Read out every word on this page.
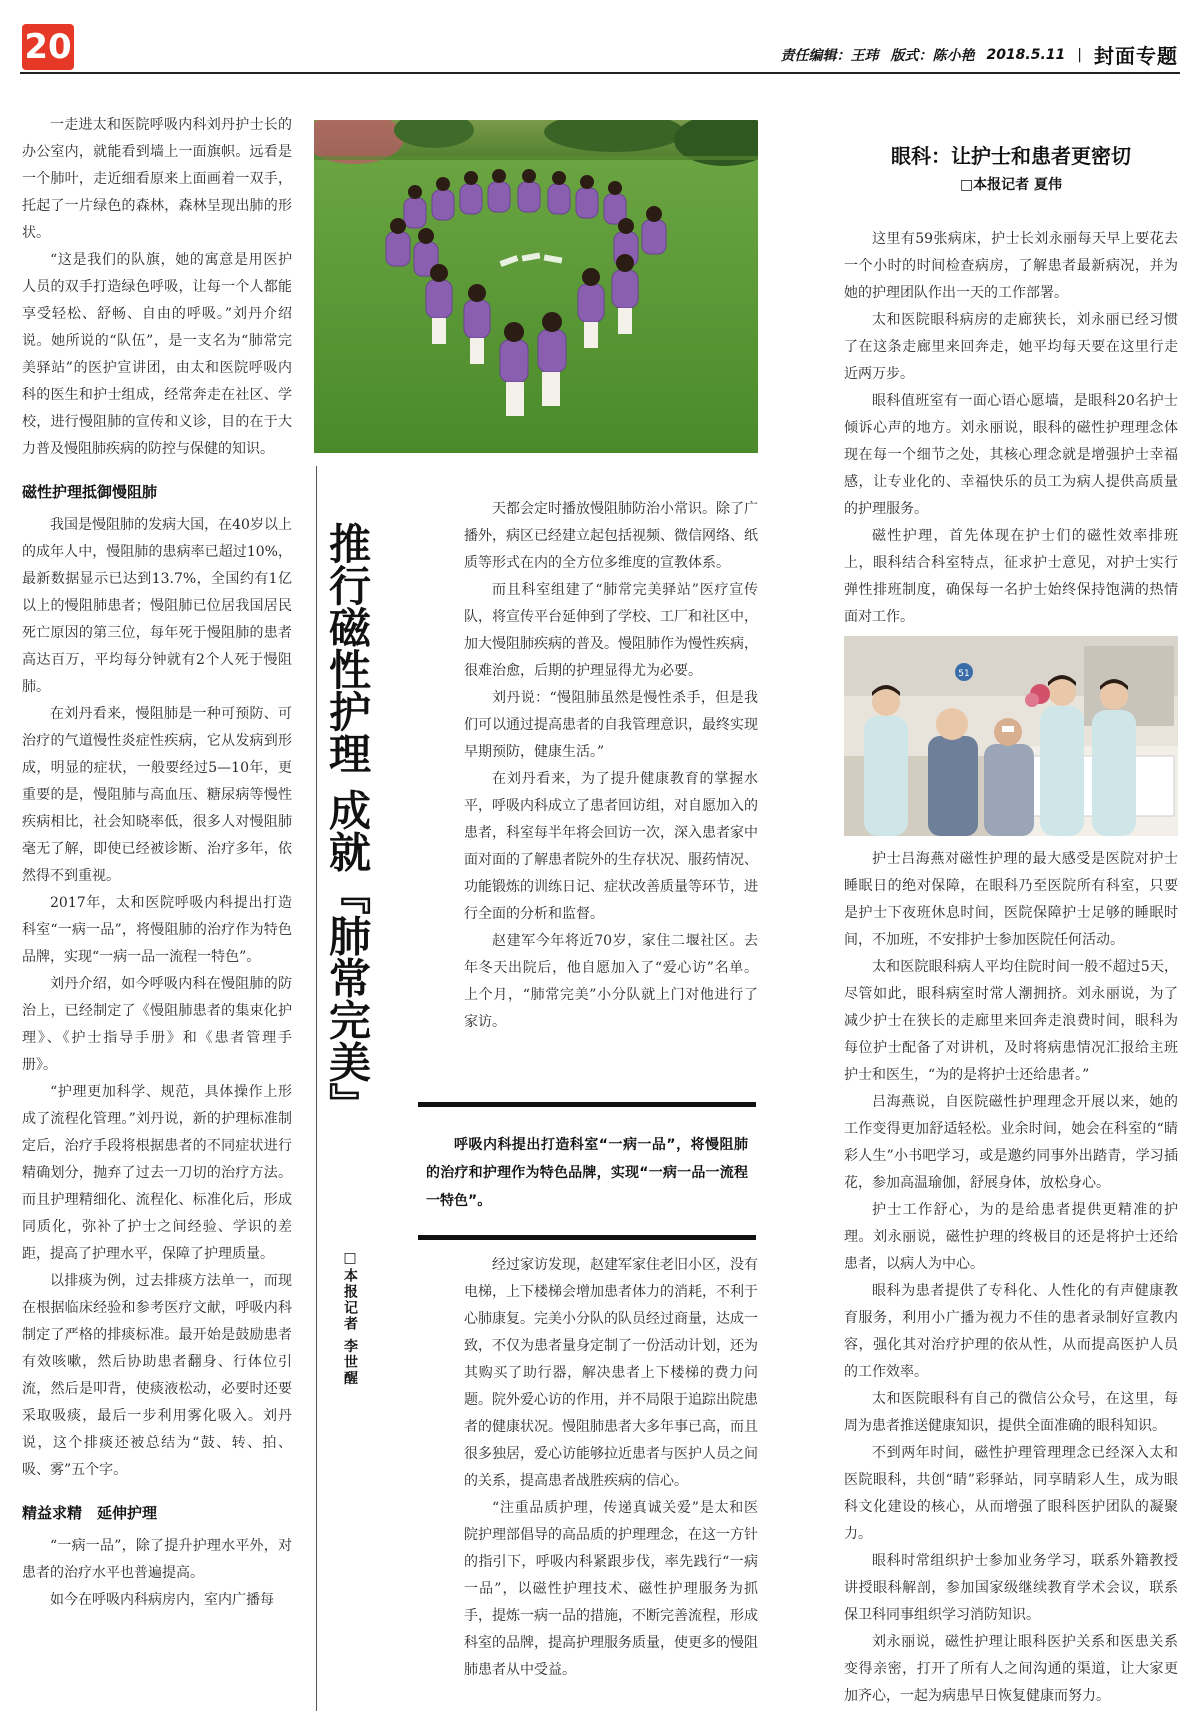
20	责任编辑：王玮 版式：陈小艳 2018.5.11 | 封面专题

一走进太和医院呼吸内科刘丹护士长的办公室内，就能看到墙上一面旗帜。远看是一个肺叶，走近细看原来上面画着一双手，托起了一片绿色的森林，森林呈现出肺的形状。

“这是我们的队旗，她的寓意是用医护人员的双手打造绿色呼吸，让每一个人都能享受轻松、舒畅、自由的呼吸。”刘丹介绍说。她所说的“队伍”，是一支名为“肺常完美驿站”的医护宣讲团，由太和医院呼吸内科的医生和护士组成，经常奔走在社区、学校，进行慢阻肺的宣传和义诊，目的在于大力普及慢阻肺疾病的防控与保健的知识。

磁性护理抵御慢阻肺

我国是慢阻肺的发病大国，在40岁以上的成年人中，慢阻肺的患病率已超过10%，最新数据显示已达到13.7%，全国约有1亿以上的慢阻肺患者；慢阻肺已位居我国居民死亡原因的第三位，每年死于慢阻肺的患者高达百万，平均每分钟就有2个人死于慢阻肺。

在刘丹看来，慢阻肺是一种可预防、可治疗的气道慢性炎症性疾病，它从发病到形成，明显的症状，一般要经过5—10年，更重要的是，慢阻肺与高血压、糖尿病等慢性疾病相比，社会知晓率低，很多人对慢阻肺毫无了解，即使已经被诊断、治疗多年，依然得不到重视。

2017年，太和医院呼吸内科提出打造科室“一病一品”，将慢阻肺的治疗作为特色品牌，实现“一病一品一流程一特色”。

刘丹介绍，如今呼吸内科在慢阻肺的防治上，已经制定了《慢阻肺患者的集束化护理》、《护士指导手册》和《患者管理手册》。

“护理更加科学、规范，具体操作上形成了流程化管理。”刘丹说，新的护理标准制定后，治疗手段将根据患者的不同症状进行精确划分，抛弃了过去一刀切的治疗方法。而且护理精细化、流程化、标准化后，形成同质化，弥补了护士之间经验、学识的差距，提高了护理水平，保障了护理质量。

以排痰为例，过去排痰方法单一，而现在根据临床经验和参考医疗文献，呼吸内科制定了严格的排痰标准。最开始是鼓励患者有效咳嗽，然后协助患者翻身、行体位引流，然后是叩背，使痰液松动，必要时还要采取吸痰，最后一步利用雾化吸入。刘丹说，这个排痰还被总结为“鼓、转、拍、吸、雾”五个字。

精益求精　延伸护理

“一病一品”，除了提升护理水平外，对患者的治疗水平也普遍提高。

如今在呼吸内科病房内，室内广播每

推行磁性护理 成就『肺常完美』
□本报记者 李世醒

天都会定时播放慢阻肺防治小常识。除了广播外，病区已经建立起包括视频、微信网络、纸质等形式在内的全方位多维度的宣教体系。

而且科室组建了“肺常完美驿站”医疗宣传队，将宣传平台延伸到了学校、工厂和社区中，加大慢阻肺疾病的普及。慢阻肺作为慢性疾病，很难治愈，后期的护理显得尤为必要。

刘丹说：“慢阻肺虽然是慢性杀手，但是我们可以通过提高患者的自我管理意识，最终实现早期预防，健康生活。”

在刘丹看来，为了提升健康教育的掌握水平，呼吸内科成立了患者回访组，对自愿加入的患者，科室每半年将会回访一次，深入患者家中面对面的了解患者院外的生存状况、服药情况、功能锻炼的训练日记、症状改善质量等环节，进行全面的分析和监督。

赵建军今年将近70岁，家住二堰社区。去年冬天出院后，他自愿加入了“爱心访”名单。上个月，“肺常完美”小分队就上门对他进行了家访。

呼吸内科提出打造科室“一病一品”，将慢阻肺的治疗和护理作为特色品牌，实现“一病一品一流程一特色”。

经过家访发现，赵建军家住老旧小区，没有电梯，上下楼梯会增加患者体力的消耗，不利于心肺康复。完美小分队的队员经过商量，达成一致，不仅为患者量身定制了一份活动计划，还为其购买了助行器，解决患者上下楼梯的费力问题。院外爱心访的作用，并不局限于追踪出院患者的健康状况。慢阻肺患者大多年事已高，而且很多独居，爱心访能够拉近患者与医护人员之间的关系，提高患者战胜疾病的信心。

“注重品质护理，传递真诚关爱”是太和医院护理部倡导的高品质的护理理念，在这一方针的指引下，呼吸内科紧跟步伐，率先践行“一病一品”，以磁性护理技术、磁性护理服务为抓手，提炼一病一品的措施，不断完善流程，形成科室的品牌，提高护理服务质量，使更多的慢阻肺患者从中受益。

眼科：让护士和患者更密切
□本报记者 夏伟

这里有59张病床，护士长刘永丽每天早上要花去一个小时的时间检查病房，了解患者最新病况，并为她的护理团队作出一天的工作部署。

太和医院眼科病房的走廊狭长，刘永丽已经习惯了在这条走廊里来回奔走，她平均每天要在这里行走近两万步。

眼科值班室有一面心语心愿墙，是眼科20名护士倾诉心声的地方。刘永丽说，眼科的磁性护理理念体现在每一个细节之处，其核心理念就是增强护士幸福感，让专业化的、幸福快乐的员工为病人提供高质量的护理服务。

磁性护理，首先体现在护士们的磁性效率排班上，眼科结合科室特点，征求护士意见，对护士实行弹性排班制度，确保每一名护士始终保持饱满的热情面对工作。

51

护士吕海燕对磁性护理的最大感受是医院对护士睡眠日的绝对保障，在眼科乃至医院所有科室，只要是护士下夜班休息时间，医院保障护士足够的睡眠时间，不加班，不安排护士参加医院任何活动。

太和医院眼科病人平均住院时间一般不超过5天，尽管如此，眼科病室时常人潮拥挤。刘永丽说，为了减少护士在狭长的走廊里来回奔走浪费时间，眼科为每位护士配备了对讲机，及时将病患情况汇报给主班护士和医生，“为的是将护士还给患者。”

吕海燕说，自医院磁性护理理念开展以来，她的工作变得更加舒适轻松。业余时间，她会在科室的“睛彩人生”小书吧学习，或是邀约同事外出踏青，学习插花，参加高温瑜伽，舒展身体，放松身心。

护士工作舒心，为的是给患者提供更精准的护理。刘永丽说，磁性护理的终极目的还是将护士还给患者，以病人为中心。

眼科为患者提供了专科化、人性化的有声健康教育服务，利用小广播为视力不佳的患者录制好宣教内容，强化其对治疗护理的依从性，从而提高医护人员的工作效率。

太和医院眼科有自己的微信公众号，在这里，每周为患者推送健康知识，提供全面准确的眼科知识。

不到两年时间，磁性护理管理理念已经深入太和医院眼科，共创“睛”彩驿站，同享睛彩人生，成为眼科文化建设的核心，从而增强了眼科医护团队的凝聚力。

眼科时常组织护士参加业务学习，联系外籍教授讲授眼科解剖，参加国家级继续教育学术会议，联系保卫科同事组织学习消防知识。

刘永丽说，磁性护理让眼科医护关系和医患关系变得亲密，打开了所有人之间沟通的渠道，让大家更加齐心，一起为病患早日恢复健康而努力。
